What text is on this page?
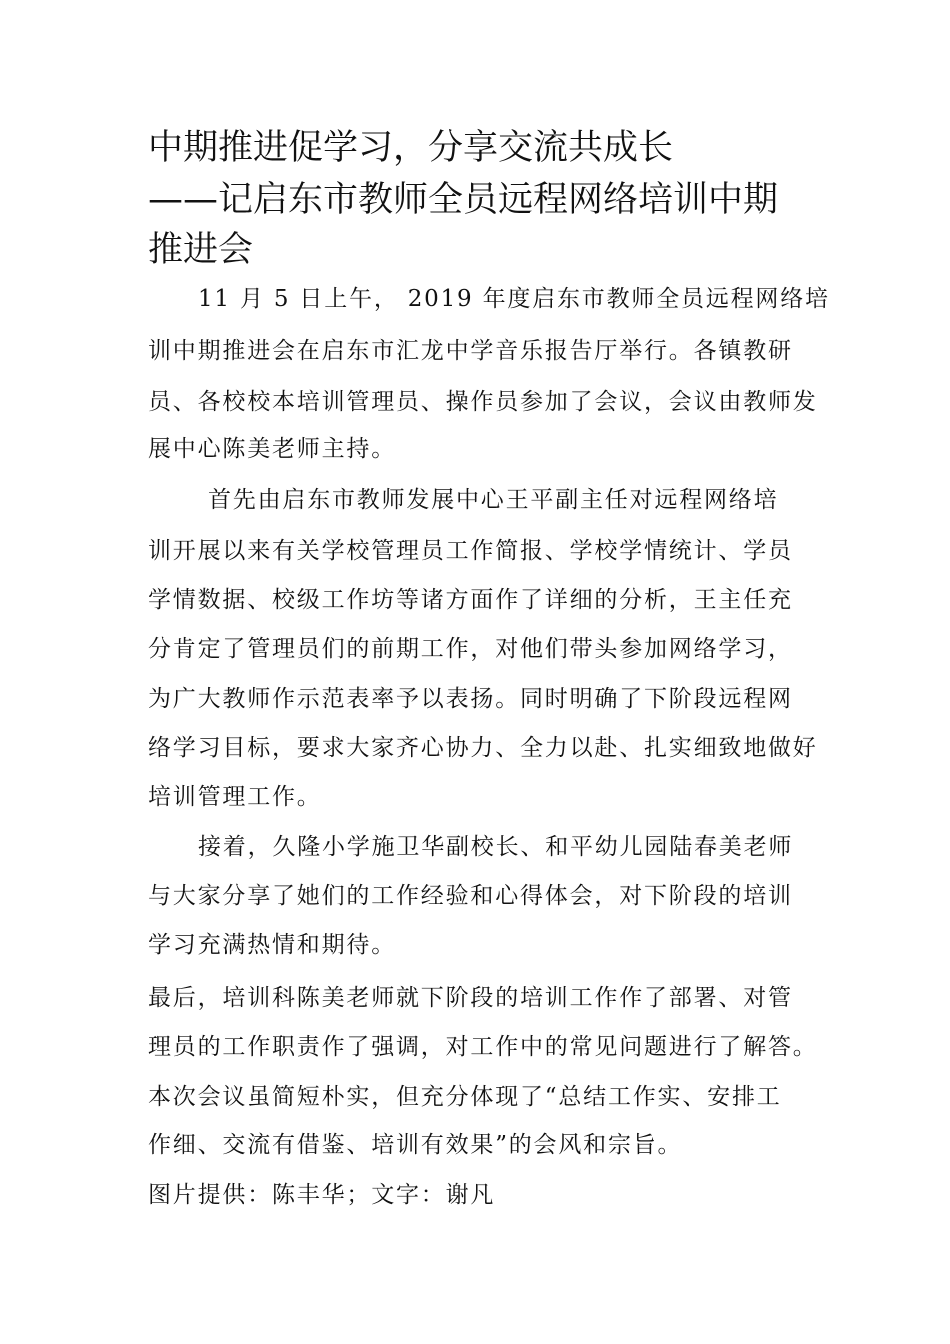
中期推进促学习，分享交流共成长
——记启东市教师全员远程网络培训中期
推进会

11 月 5 日上午， 2019 年度启东市教师全员远程网络培

训中期推进会在启东市汇龙中学音乐报告厅举行。各镇教研

员、各校校本培训管理员、操作员参加了会议，会议由教师发

展中心陈美老师主持。

首先由启东市教师发展中心王平副主任对远程网络培

训开展以来有关学校管理员工作简报、学校学情统计、学员

学情数据、校级工作坊等诸方面作了详细的分析，王主任充

分肯定了管理员们的前期工作，对他们带头参加网络学习，

为广大教师作示范表率予以表扬。同时明确了下阶段远程网

络学习目标，要求大家齐心协力、全力以赴、扎实细致地做好

培训管理工作。

接着，久隆小学施卫华副校长、和平幼儿园陆春美老师

与大家分享了她们的工作经验和心得体会，对下阶段的培训

学习充满热情和期待。

最后，培训科陈美老师就下阶段的培训工作作了部署、对管

理员的工作职责作了强调，对工作中的常见问题进行了解答。

本次会议虽简短朴实，但充分体现了“总结工作实、安排工

作细、交流有借鉴、培训有效果”的会风和宗旨。

图片提供：陈丰华；文字：谢凡
